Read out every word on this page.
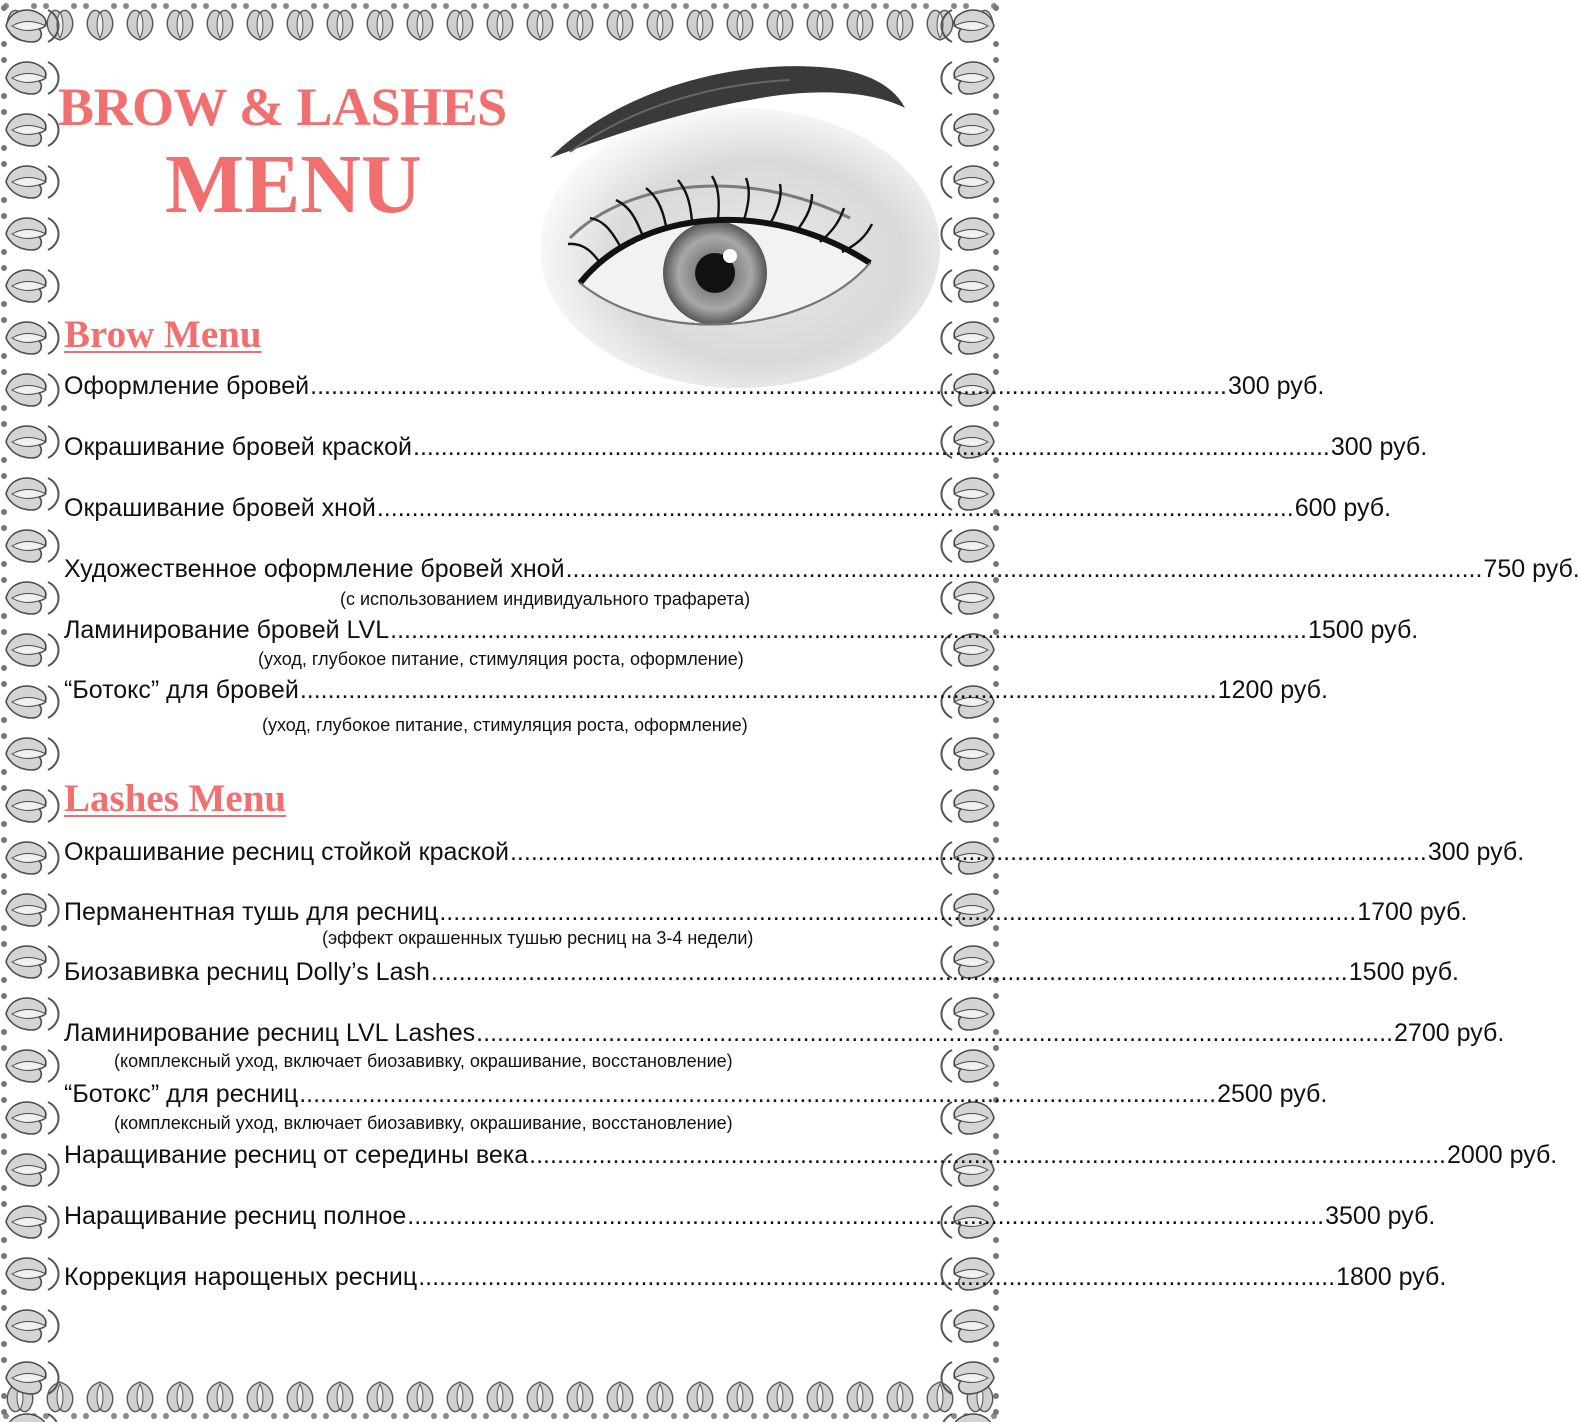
BROW & LASHES
MENU
Brow Menu
Оформление бровей .................................................................................................................................... 300 руб.
Окрашивание бровей краской .................................................................................................................................... 300 руб.
Окрашивание бровей хной .................................................................................................................................... 600 руб.
Художественное оформление бровей хной .................................................................................................................................... 750 руб.
(с использованием индивидуального трафарета)
Ламинирование бровей LVL .................................................................................................................................... 1500 руб.
(уход, глубокое питание, стимуляция роста, оформление)
“Ботокс” для бровей .................................................................................................................................... 1200 руб.
(уход, глубокое питание, стимуляция роста, оформление)
Lashes Menu
Окрашивание ресниц стойкой краской .................................................................................................................................... 300 руб.
Перманентная тушь для ресниц .................................................................................................................................... 1700 руб.
(эффект окрашенных тушью ресниц на 3-4 недели)
Биозавивка ресниц Dolly’s Lash .................................................................................................................................... 1500 руб.
Ламинирование ресниц LVL Lashes .................................................................................................................................... 2700 руб.
(комплексный уход, включает биозавивку, окрашивание, восстановление)
“Ботокс” для ресниц .................................................................................................................................... 2500 руб.
(комплексный уход, включает биозавивку, окрашивание, восстановление)
Наращивание ресниц от середины века .................................................................................................................................... 2000 руб.
Наращивание ресниц полное .................................................................................................................................... 3500 руб.
Коррекция нарощеных ресниц .................................................................................................................................... 1800 руб.
